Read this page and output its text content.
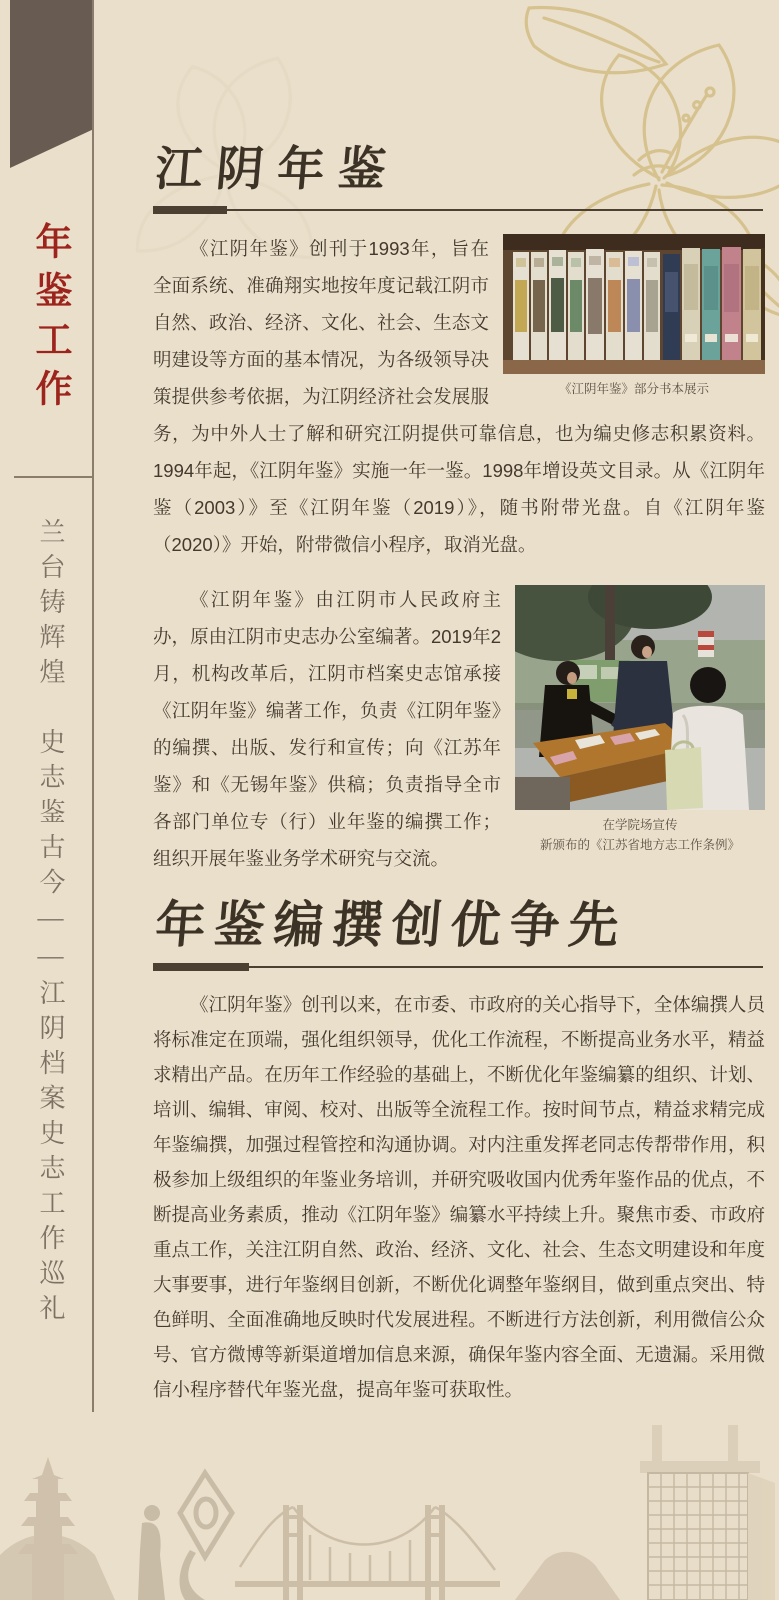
年鉴工作
兰台铸辉煌　史志鉴古今——江阴档案史志工作巡礼
江阴年鉴
《江阴年鉴》部分书本展示

《江阴年鉴》创刊于1993年，旨在全面系统、准确翔实地按年度记载江阴市自然、政治、经济、文化、社会、生态文明建设等方面的基本情况，为各级领导决策提供参考依据，为江阴经济社会发展服务，为中外人士了解和研究江阴提供可靠信息，也为编史修志积累资料。1994年起，《江阴年鉴》实施一年一鉴。1998年增设英文目录。从《江阴年鉴（2003）》至《江阴年鉴（2019）》，随书附带光盘。自《江阴年鉴（2020）》开始，附带微信小程序，取消光盘。

在学院场宣传
新颁布的《江苏省地方志工作条例》

《江阴年鉴》由江阴市人民政府主办，原由江阴市史志办公室编著。2019年2月，机构改革后，江阴市档案史志馆承接《江阴年鉴》编著工作，负责《江阴年鉴》的编撰、出版、发行和宣传；向《江苏年鉴》和《无锡年鉴》供稿；负责指导全市各部门单位专（行）业年鉴的编撰工作；组织开展年鉴业务学术研究与交流。

年鉴编撰创优争先

《江阴年鉴》创刊以来，在市委、市政府的关心指导下，全体编撰人员将标准定在顶端，强化组织领导，优化工作流程，不断提高业务水平，精益求精出产品。在历年工作经验的基础上，不断优化年鉴编纂的组织、计划、培训、编辑、审阅、校对、出版等全流程工作。按时间节点，精益求精完成年鉴编撰，加强过程管控和沟通协调。对内注重发挥老同志传帮带作用，积极参加上级组织的年鉴业务培训，并研究吸收国内优秀年鉴作品的优点，不断提高业务素质，推动《江阴年鉴》编纂水平持续上升。聚焦市委、市政府重点工作，关注江阴自然、政治、经济、文化、社会、生态文明建设和年度大事要事，进行年鉴纲目创新，不断优化调整年鉴纲目，做到重点突出、特色鲜明、全面准确地反映时代发展进程。不断进行方法创新，利用微信公众号、官方微博等新渠道增加信息来源，确保年鉴内容全面、无遗漏。采用微信小程序替代年鉴光盘，提高年鉴可获取性。
